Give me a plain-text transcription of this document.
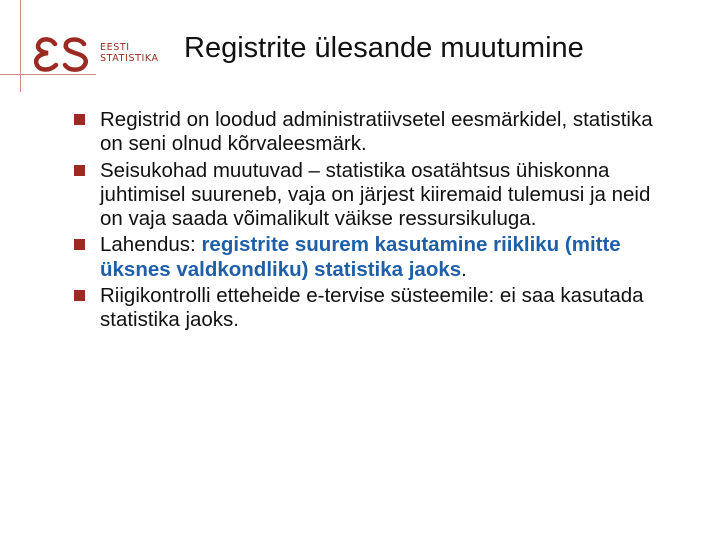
EESTI
STATISTIKA Registrite ülesande muutumine
Registrid on loodud administratiivsetel eesmärkidel, statistika on seni olnud kõrvaleesmärk.
Seisukohad muutuvad – statistika osatähtsus ühiskonna juhtimisel suureneb, vaja on järjest kiiremaid tulemusi ja neid on vaja saada võimalikult väikse ressursikuluga.
Lahendus: registrite suurem kasutamine riikliku (mitte üksnes valdkondliku) statistika jaoks.
Riigikontrolli etteheide e-tervise süsteemile: ei saa kasutada statistika jaoks.
